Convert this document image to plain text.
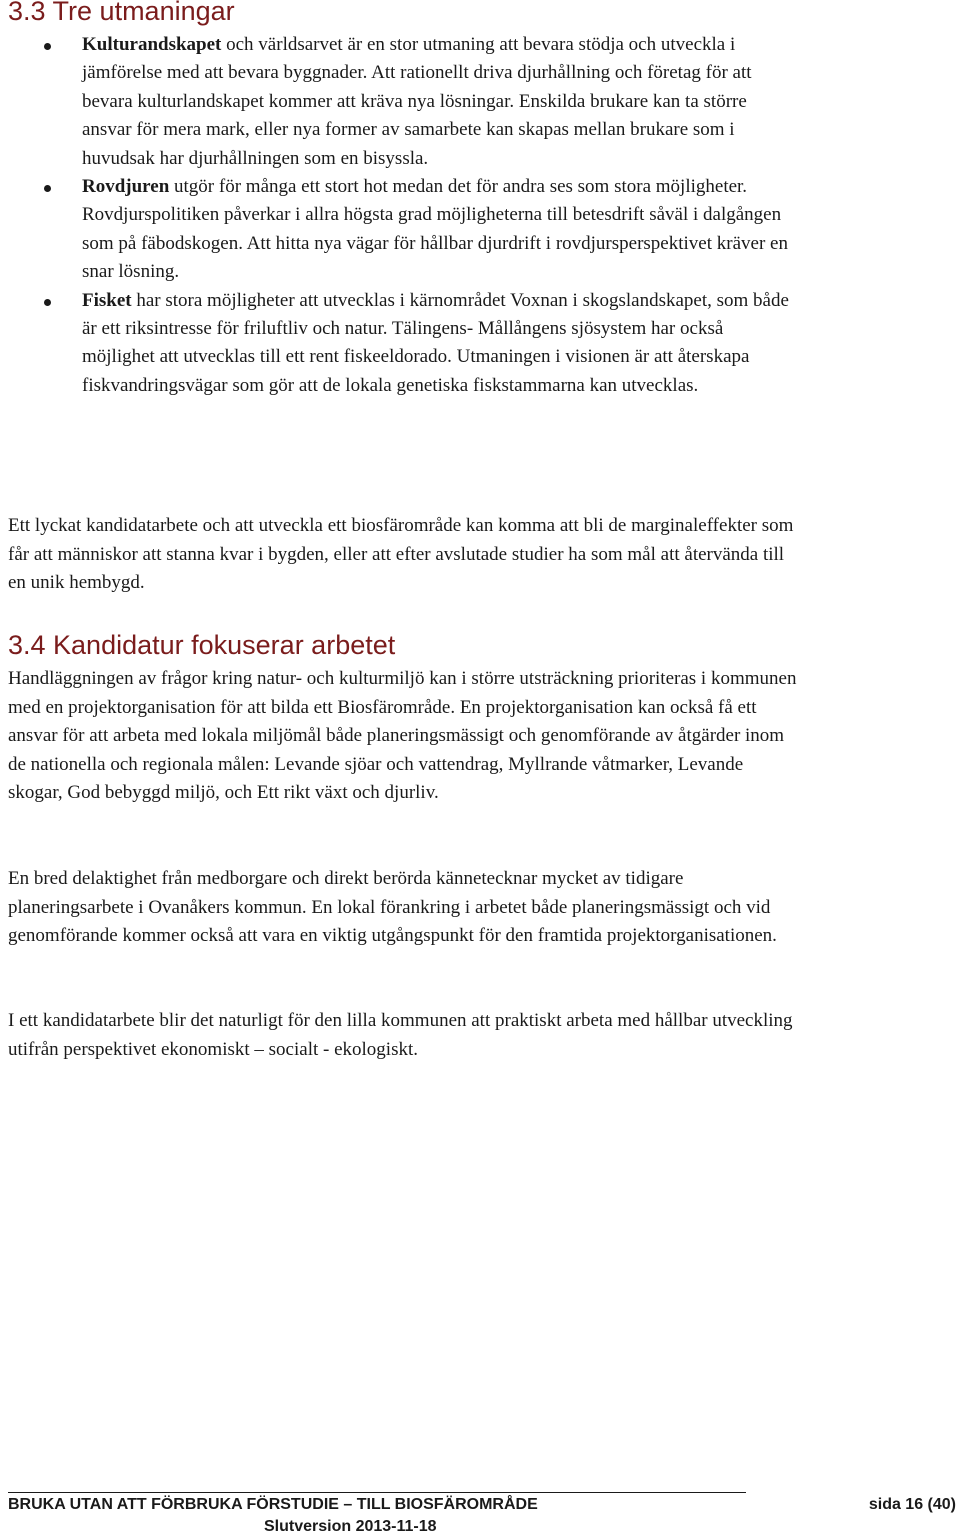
3.3 Tre utmaningar
Kulturandskapet och världsarvet är en stor utmaning att bevara stödja och utveckla i jämförelse med att bevara byggnader. Att rationellt driva djurhållning och företag för att bevara kulturlandskapet kommer att kräva nya lösningar. Enskilda brukare kan ta större ansvar för mera mark, eller nya former av samarbete kan skapas mellan brukare som i huvudsak har djurhållningen som en bisyssla.
Rovdjuren utgör för många ett stort hot medan det för andra ses som stora möjligheter. Rovdjurspolitiken påverkar i allra högsta grad möjligheterna till betesdrift såväl i dalgången som på fäbodskogen. Att hitta nya vägar för hållbar djurdrift i rovdjursperspektivet kräver en snar lösning.
Fisket har stora möjligheter att utvecklas i kärnområdet Voxnan i skogslandskapet, som både är ett riksintresse för friluftliv och natur. Tälingens- Mållångens sjösystem har också möjlighet att utvecklas till ett rent fiskeeldorado. Utmaningen i visionen är att återskapa fiskvandringsvägar som gör att de lokala genetiska fiskstammarna kan utvecklas.

Ett lyckat kandidatarbete och att utveckla ett biosfärområde kan komma att bli de marginaleffekter som får att människor att stanna kvar i bygden, eller att efter avslutade studier ha som mål att återvända till en unik hembygd.

3.4 Kandidatur fokuserar arbetet

Handläggningen av frågor kring natur- och kulturmiljö kan i större utsträckning prioriteras i kommunen med en projektorganisation för att bilda ett Biosfärområde. En projektorganisation kan också få ett ansvar för att arbeta med lokala miljömål både planeringsmässigt och genomförande av åtgärder inom de nationella och regionala målen: Levande sjöar och vattendrag, Myllrande våtmarker, Levande skogar, God bebyggd miljö, och Ett rikt växt och djurliv.

En bred delaktighet från medborgare och direkt berörda kännetecknar mycket av tidigare planeringsarbete i Ovanåkers kommun. En lokal förankring i arbetet både planeringsmässigt och vid genomförande kommer också att vara en viktig utgångspunkt för den framtida projektorganisationen.

I ett kandidatarbete blir det naturligt för den lilla kommunen att praktiskt arbeta med hållbar utveckling utifrån perspektivet ekonomiskt – socialt - ekologiskt.

BRUKA UTAN ATT FÖRBRUKA FÖRSTUDIE – TILL BIOSFÄROMRÅDE
Slutversion 2013-11-18
sida 16 (40)
